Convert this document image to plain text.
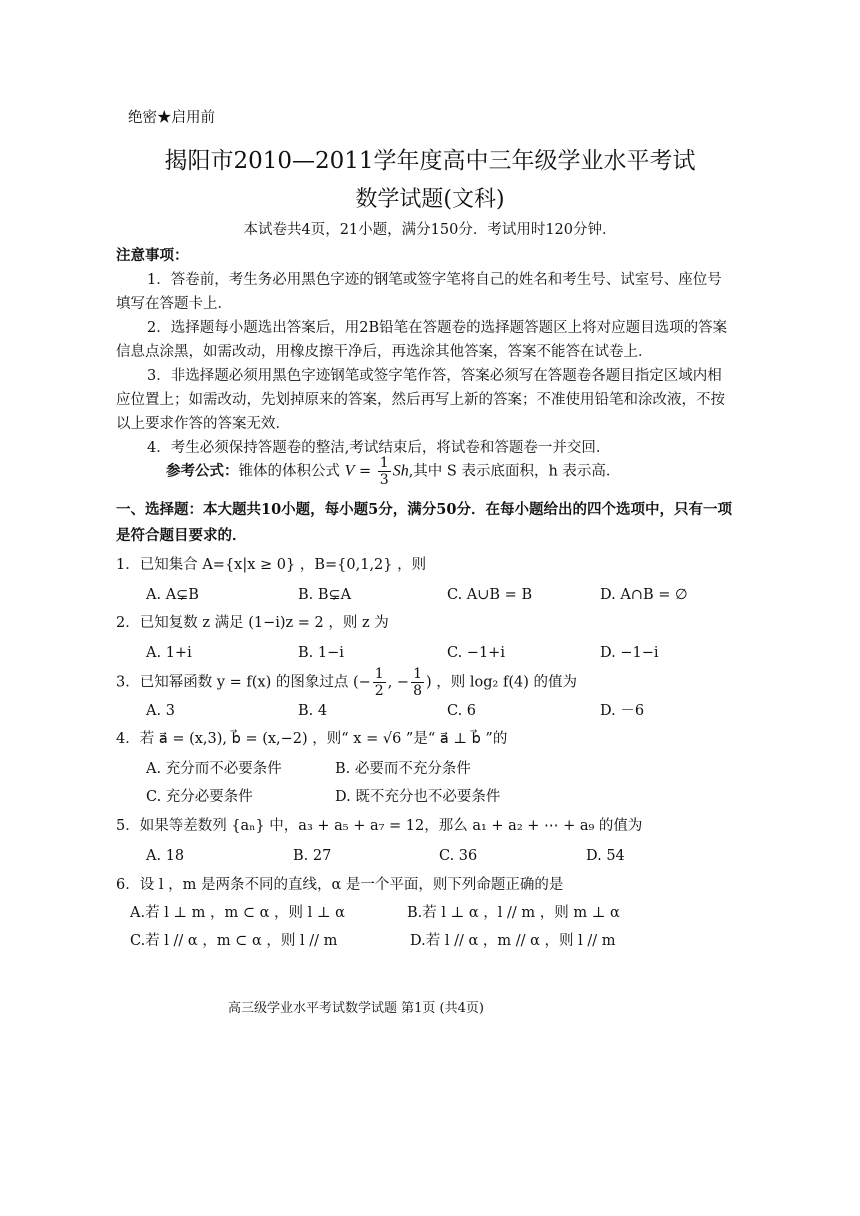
绝密★启用前
揭阳市2010—2011学年度高中三年级学业水平考试
数学试题(文科)
本试卷共4页，21小题，满分150分．考试用时120分钟．
注意事项：
1．答卷前，考生务必用黑色字迹的钢笔或签字笔将自己的姓名和考生号、试室号、座位号
填写在答题卡上．
2．选择题每小题选出答案后，用2B铅笔在答题卷的选择题答题区上将对应题目选项的答案
信息点涂黑，如需改动，用橡皮擦干净后，再选涂其他答案，答案不能答在试卷上．
3．非选择题必须用黑色字迹钢笔或签字笔作答，答案必须写在答题卷各题目指定区域内相
应位置上；如需改动，先划掉原来的答案，然后再写上新的答案；不准使用铅笔和涂改液，不按
以上要求作答的答案无效．
4．考生必须保持答题卷的整洁,考试结束后，将试卷和答题卷一并交回．
参考公式：锥体的体积公式 $V = \frac{1}{3} Sh$,其中 S 表示底面积，h 表示高．
一、选择题：本大题共10小题，每小题5分，满分50分．在每小题给出的四个选项中，只有一项
是符合题目要求的．
1．已知集合 A={x|x ≥ 0} ，B={0,1,2} ，则
A. A⊊B	B. B⊊A	C. A∪B = B	D. A∩B = ∅
2．已知复数 z 满足 (1−i)z = 2 ，则 z 为
A. 1+i	B. 1−i	C. −1+i	D. −1−i
3．已知幂函数 y = f(x) 的图象过点 (− $\frac{1}{2}$ , − $\frac{1}{8}$ ) ，则 log₂ f(4) 的值为
A. 3	B. 4	C. 6	D. －6
4．若 a⃗ = (x,3), b⃗ = (x,−2) ，则“ x = √6 ”是“ a⃗ ⊥ b⃗ ”的
A. 充分而不必要条件	B. 必要而不充分条件
C. 充分必要条件	D. 既不充分也不必要条件
5．如果等差数列 {aₙ} 中，a₃ + a₅ + a₇ = 12，那么 a₁ + a₂ + ⋯ + a₉ 的值为
A. 18	B. 27	C. 36	D. 54
6．设 l ，m 是两条不同的直线，α 是一个平面，则下列命题正确的是
A.若 l ⊥ m ，m ⊂ α ，则 l ⊥ α	B.若 l ⊥ α ，l // m ，则 m ⊥ α
C.若 l // α ，m ⊂ α ，则 l // m	D.若 l // α ，m // α ，则 l // m
高三级学业水平考试数学试题 第1页 (共4页)
